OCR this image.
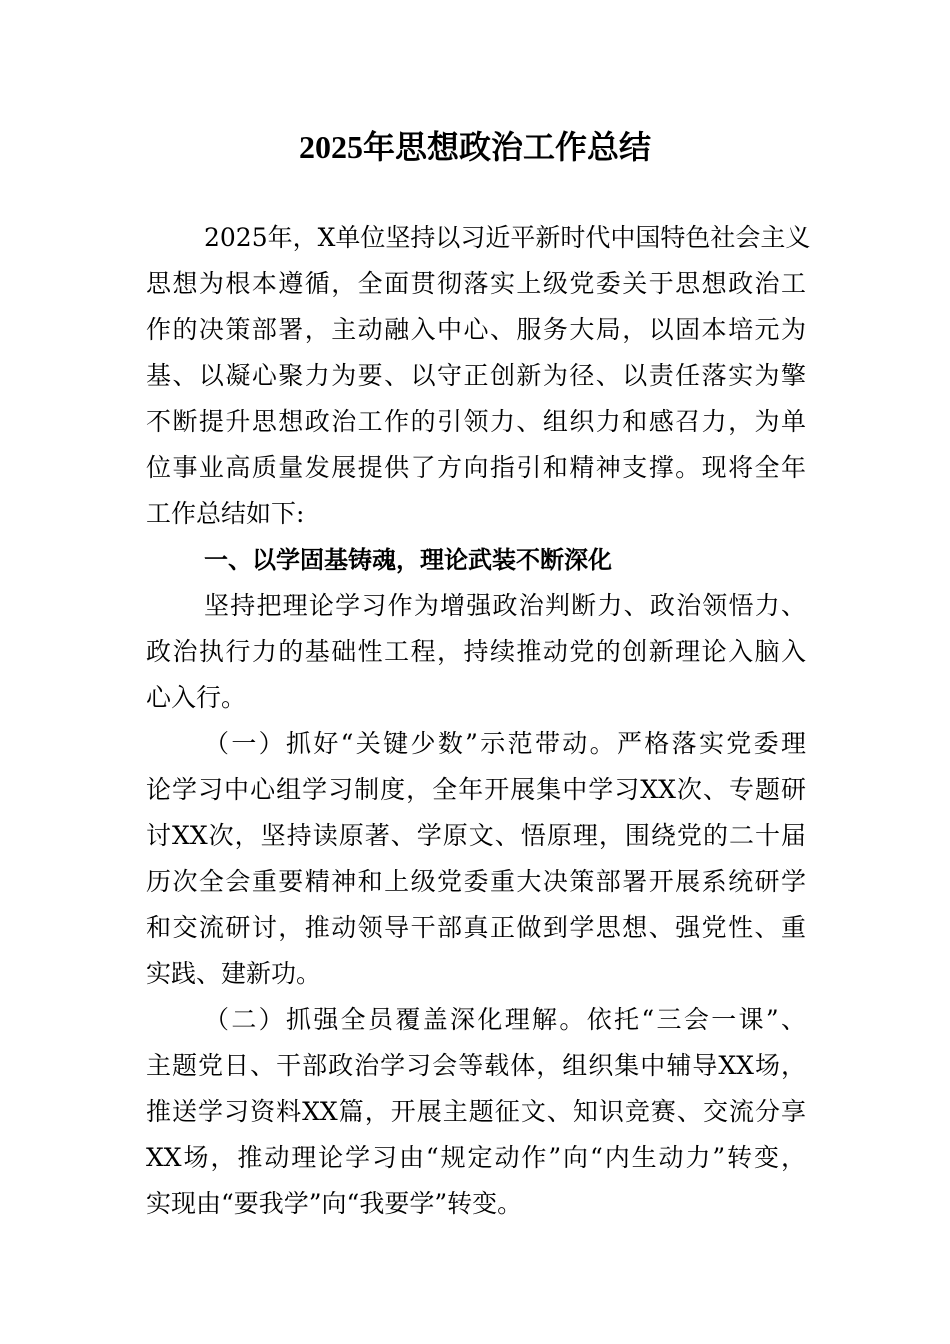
2025年思想政治工作总结
2025年，X单位坚持以习近平新时代中国特色社会主义
思想为根本遵循，全面贯彻落实上级党委关于思想政治工
作的决策部署，主动融入中心、服务大局，以固本培元为
基、以凝心聚力为要、以守正创新为径、以责任落实为擎
不断提升思想政治工作的引领力、组织力和感召力，为单
位事业高质量发展提供了方向指引和精神支撑。现将全年
工作总结如下:
一、以学固基铸魂，理论武装不断深化
坚持把理论学习作为增强政治判断力、政治领悟力、
政治执行力的基础性工程，持续推动党的创新理论入脑入
心入行。
（一）抓好“关键少数”示范带动。严格落实党委理
论学习中心组学习制度，全年开展集中学习XX次、专题研
讨XX次，坚持读原著、学原文、悟原理，围绕党的二十届
历次全会重要精神和上级党委重大决策部署开展系统研学
和交流研讨，推动领导干部真正做到学思想、强党性、重
实践、建新功。
（二）抓强全员覆盖深化理解。依托“三会一课”、
主题党日、干部政治学习会等载体，组织集中辅导XX场，
推送学习资料XX篇，开展主题征文、知识竞赛、交流分享
XX场，推动理论学习由“规定动作”向“内生动力”转变，
实现由“要我学”向“我要学”转变。
